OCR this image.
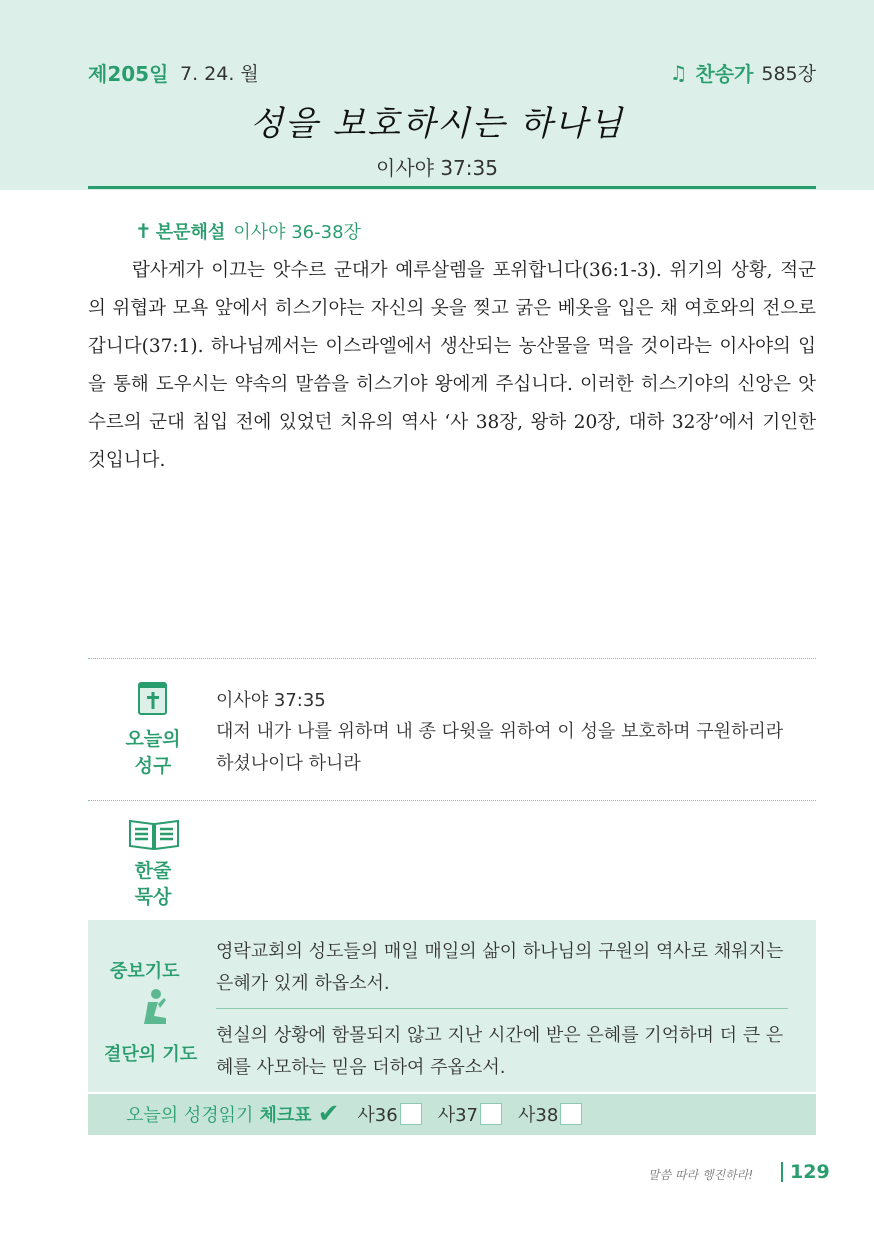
제205일 7. 24. 월	♫ 찬송가 585장
성을 보호하시는 하나님
이사야 37:35
✝ 본문해설 이사야 36-38장
랍사게가 이끄는 앗수르 군대가 예루살렘을 포위합니다(36:1-3). 위기의 상황, 적군의 위협과 모욕 앞에서 히스기야는 자신의 옷을 찢고 굵은 베옷을 입은 채 여호와의 전으로 갑니다(37:1). 하나님께서는 이스라엘에서 생산되는 농산물을 먹을 것이라는 이사야의 입을 통해 도우시는 약속의 말씀을 히스기야 왕에게 주십니다. 이러한 히스기야의 신앙은 앗수르의 군대 침입 전에 있었던 치유의 역사 ‘사 38장, 왕하 20장, 대하 32장’에서 기인한 것입니다.
오늘의
성구
이사야 37:35
대저 내가 나를 위하며 내 종 다윗을 위하여 이 성을 보호하며 구원하리라 하셨나이다 하니라
한줄
묵상
중보기도
결단의 기도
영락교회의 성도들의 매일 매일의 삶이 하나님의 구원의 역사로 채워지는 은혜가 있게 하옵소서.
현실의 상황에 함몰되지 않고 지난 시간에 받은 은혜를 기억하며 더 큰 은혜를 사모하는 믿음 더하여 주옵소서.
오늘의 성경읽기 체크표 ✔ 사36 사37 사38
말씀 따라 행진하라! 129
